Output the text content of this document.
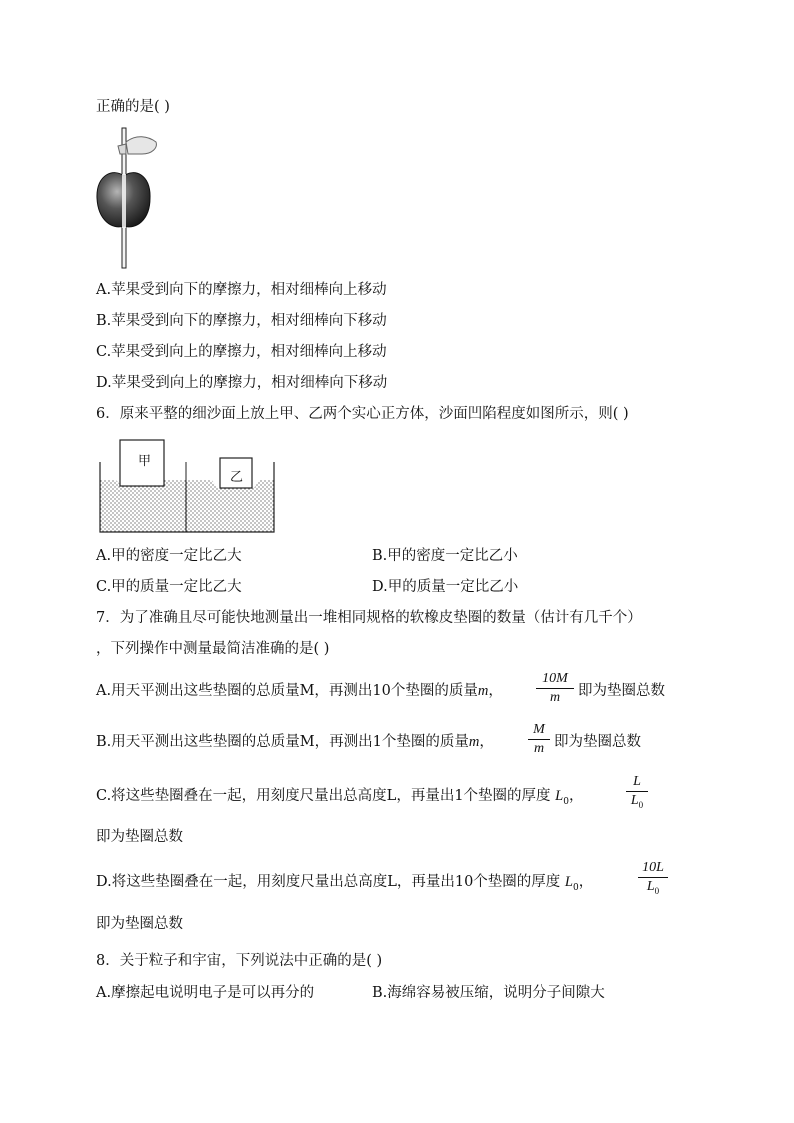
正确的是( )
A.苹果受到向下的摩擦力，相对细棒向上移动
B.苹果受到向下的摩擦力，相对细棒向下移动
C.苹果受到向上的摩擦力，相对细棒向上移动
D.苹果受到向上的摩擦力，相对细棒向下移动
6．原来平整的细沙面上放上甲、乙两个实心正方体，沙面凹陷程度如图所示，则( )
甲
乙
A.甲的密度一定比乙大	B.甲的密度一定比乙小
C.甲的质量一定比乙大	D.甲的质量一定比乙小
7．为了准确且尽可能快地测量出一堆相同规格的软橡皮垫圈的数量（估计有几千个）
，下列操作中测量最简洁准确的是( )
A.用天平测出这些垫圈的总质量M，再测出10个垫圈的质量m，
10M
m	即为垫圈总数
B.用天平测出这些垫圈的总质量M，再测出1个垫圈的质量m，
M
m 即为垫圈总数
C.将这些垫圈叠在一起，用刻度尺量出总高度L，再量出1个垫圈的厚度 $L_0$，
L
$L_0$
即为垫圈总数
D.将这些垫圈叠在一起，用刻度尺量出总高度L，再量出10个垫圈的厚度 $L_0$，
10L
$L_0$
即为垫圈总数
8．关于粒子和宇宙，下列说法中正确的是( )
A.摩擦起电说明电子是可以再分的	B.海绵容易被压缩，说明分子间隙大
